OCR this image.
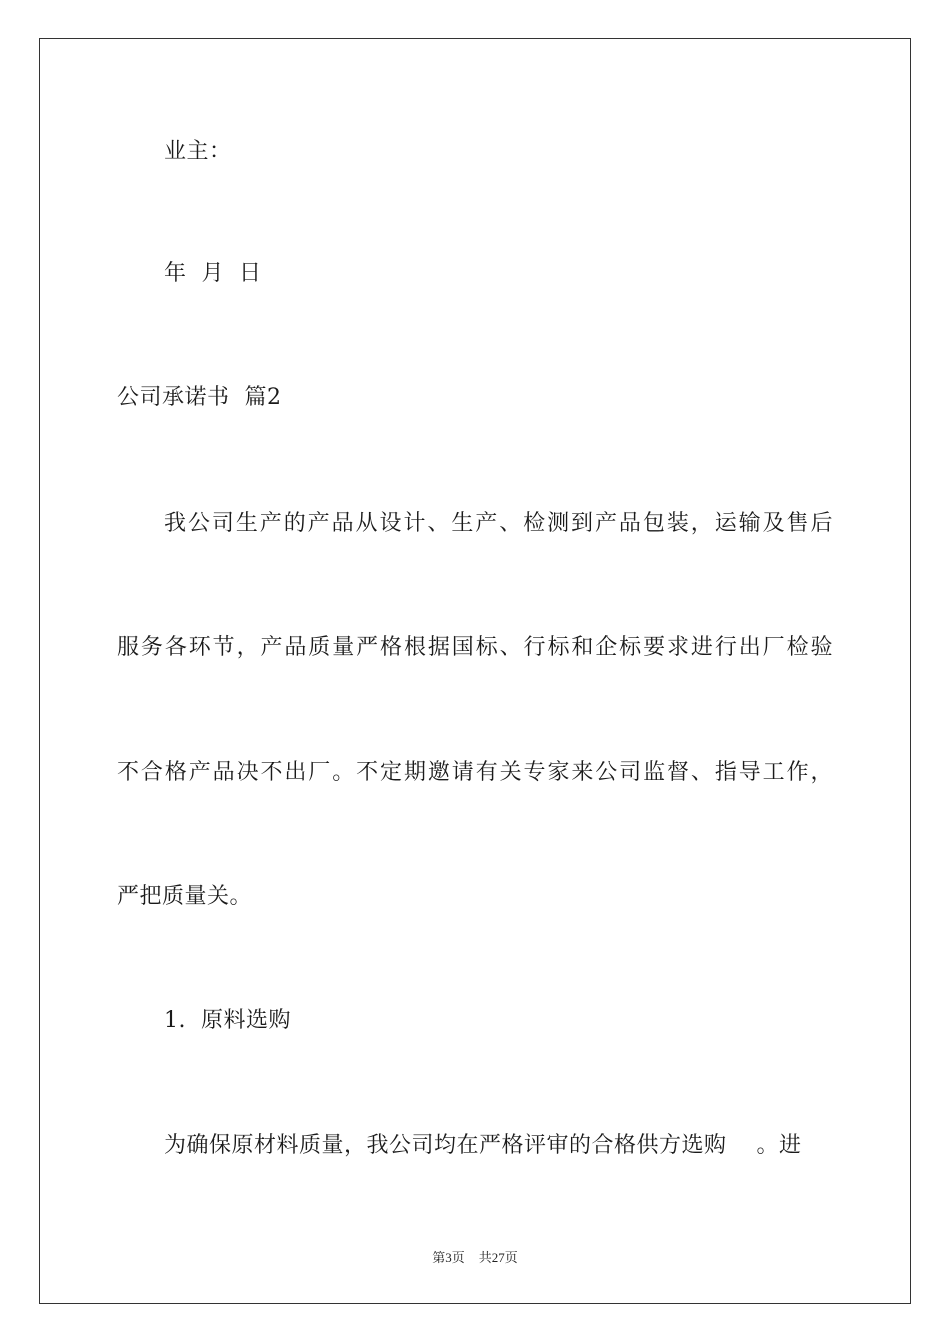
业主：
年  月  日
公司承诺书  篇2
我公司生产的产品从设计、生产、检测到产品包装，运输及售后
服务各环节，产品质量严格根据国标、行标和企标要求进行出厂检验
不合格产品决不出厂。不定期邀请有关专家来公司监督、指导工作，
严把质量关。
1.  原料选购
为确保原材料质量，我公司均在严格评审的合格供方选购    。进
第3页 共27页
